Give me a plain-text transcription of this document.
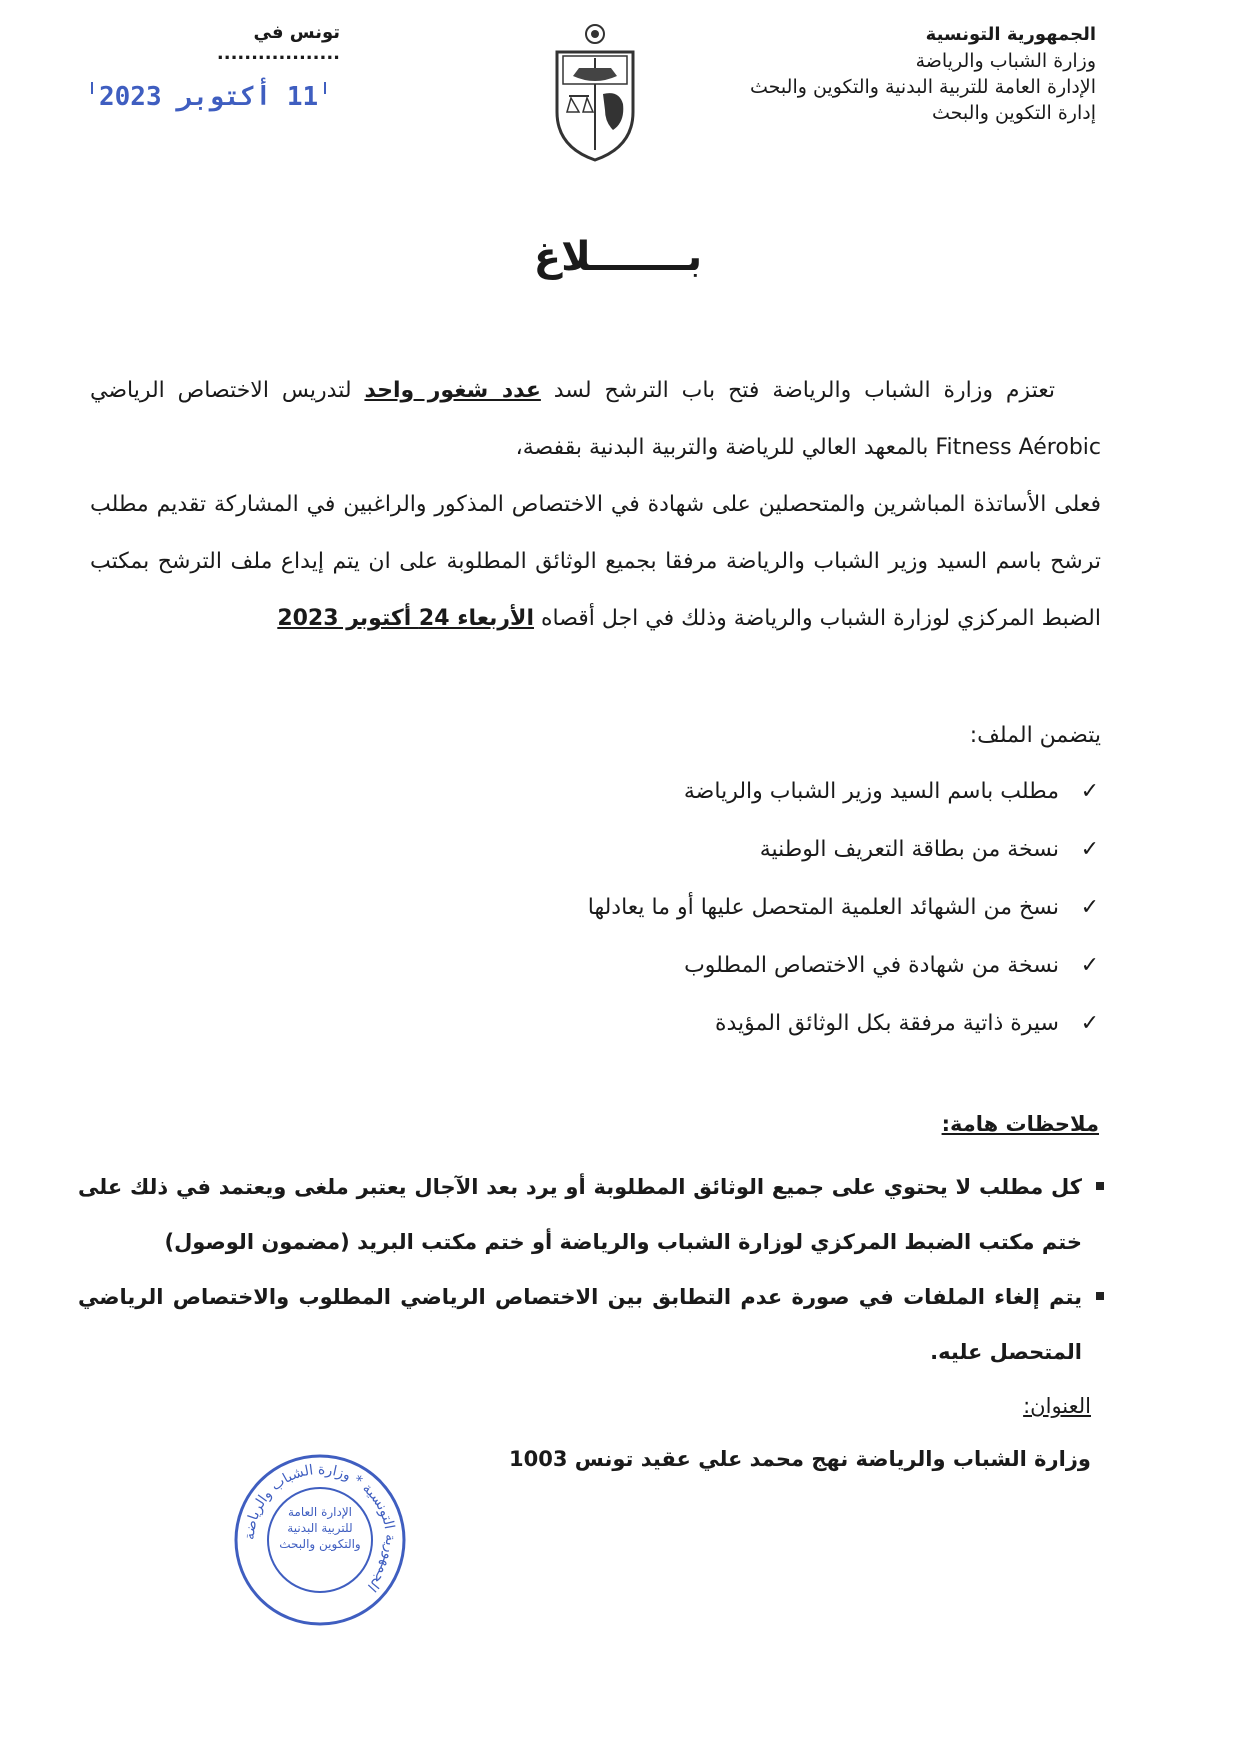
الجمهورية التونسية
وزارة الشباب والرياضة
الإدارة العامة للتربية البدنية والتكوين والبحث
إدارة التكوين والبحث
تونس في ..................
11 أكتوبر 2023
بـــــــلاغ

تعتزم وزارة الشباب والرياضة فتح باب الترشح لسد عدد شغور واحد لتدريس الاختصاص الرياضي Fitness Aérobic بالمعهد العالي للرياضة والتربية البدنية بقفصة،

فعلى الأساتذة المباشرين والمتحصلين على شهادة في الاختصاص المذكور والراغبين في المشاركة تقديم مطلب ترشح باسم السيد وزير الشباب والرياضة مرفقا بجميع الوثائق المطلوبة على ان يتم إيداع ملف الترشح بمكتب الضبط المركزي لوزارة الشباب والرياضة وذلك في اجل أقصاه الأربعاء 24 أكتوبر 2023

يتضمن الملف:
✓مطلب باسم السيد وزير الشباب والرياضة
✓نسخة من بطاقة التعريف الوطنية
✓نسخ من الشهائد العلمية المتحصل عليها أو ما يعادلها
✓نسخة من شهادة في الاختصاص المطلوب
✓سيرة ذاتية مرفقة بكل الوثائق المؤيدة
ملاحظات هامة:
كل مطلب لا يحتوي على جميع الوثائق المطلوبة أو يرد بعد الآجال يعتبر ملغى ويعتمد في ذلك على ختم مكتب الضبط المركزي لوزارة الشباب والرياضة أو ختم مكتب البريد (مضمون الوصول)
يتم إلغاء الملفات في صورة عدم التطابق بين الاختصاص الرياضي المطلوب والاختصاص الرياضي المتحصل عليه.
العنوان:
وزارة الشباب والرياضة نهج محمد علي عقيد تونس 1003
الجمهورية التونسية * وزارة الشباب والرياضة
الإدارة العامة للتربية البدنية والتكوين والبحث
